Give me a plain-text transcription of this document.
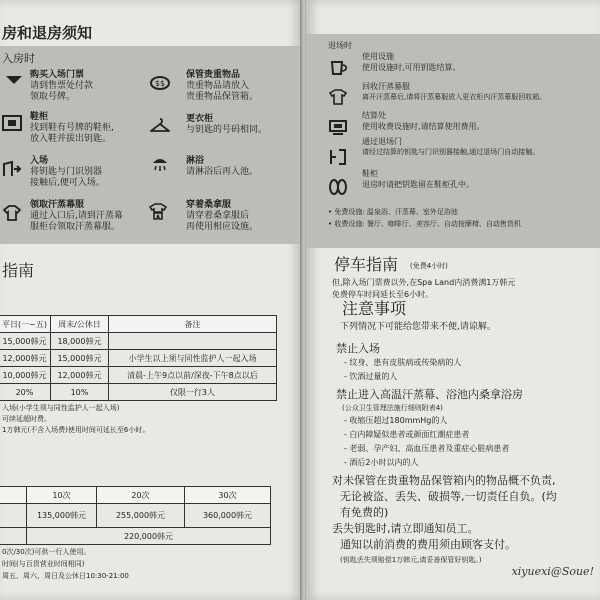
房和退房须知
入房时
购买入场门票
请到售票处付款
领取号牌。
鞋柜
找到鞋有号牌的鞋柜,
放入鞋并拔出钥匙。
入场
将钥匙与门识别器
接触后,便可入场。
领取汗蒸幕服
通过入口后,请到汗蒸幕
服柜台领取汗蒸幕服。
$$
保管贵重物品
贵重物品请放入
贵重物品保管箱。
更衣柜
与钥匙的号码相同。
淋浴
请淋浴后再入池。
穿着桑拿服
请穿着桑拿服后
再使用相应设施。
指南
平日(一~五)	周末/公休日	备注
15,000韩元	18,000韩元	
12,000韩元	15,000韩元	小学生以上须与同性监护人一起入场
10,000韩元	12,000韩元	清晨-上午9点以前/深夜-下午8点以后
20%	10%	仅限一行3人
入场(小学生须与同性监护人一起入场)
可续延超时费。
1万韩元(不含入场费)使用时间可延长至6小时。
	10次	20次	30次
	135,000韩元	255,000韩元	360,000韩元
	220,000韩元		
0次/30次)可供一行人使用。
时间(与百货营业时间相同)
周五、周六、周日及公休日10:30-21:00
退场时
使用设施
使用设施时,可用钥匙结算。
回收汗蒸幕服
离开汗蒸幕后,请将汗蒸幕服放入更衣柜内汗蒸幕服回收箱。
结算处
使用收费设施时,请结算使用费用。
通过退场门
请经过结算的钥匙与门识别器接触,通过退场门自动接触。
鞋柜
退房时请把钥匙留在鞋柜孔中。
• 免费设施: 温泉浴、汗蒸幕、室外足浴池
• 收费设施: 餐厅、咖啡厅、美容厅、自动按摩椅、自动售货机
停车指南 (免费4小时)
但,除入场门票费以外,在Spa Land内消费满1万韩元
免费停车时间延长至6小时。
注意事项
下列情况下可能给您带来不便,请谅解。
禁止入场
- 纹身、患有皮肤病或传染病的人
- 饮酒过量的人
禁止进入高温汗蒸幕、浴池内桑拿浴房
(公众卫生管理法施行细则附表4)
- 收缩压超过180mmHg的人
- 白内障疑似患者或颜面红潮症患者
- 老弱、孕产妇、高血压患者及重症心脏病患者
- 酒后2小时以内的人
对未保管在贵重物品保管箱内的物品概不负责,
无论被盗、丢失、破损等,一切责任自负。(均
有免费的)
丢失钥匙时,请立即通知员工。
通知以前消费的费用须由顾客支付。
(钥匙丢失须赔偿1万韩元,请妥善保管好钥匙。)
xiyuexi@Soue!
